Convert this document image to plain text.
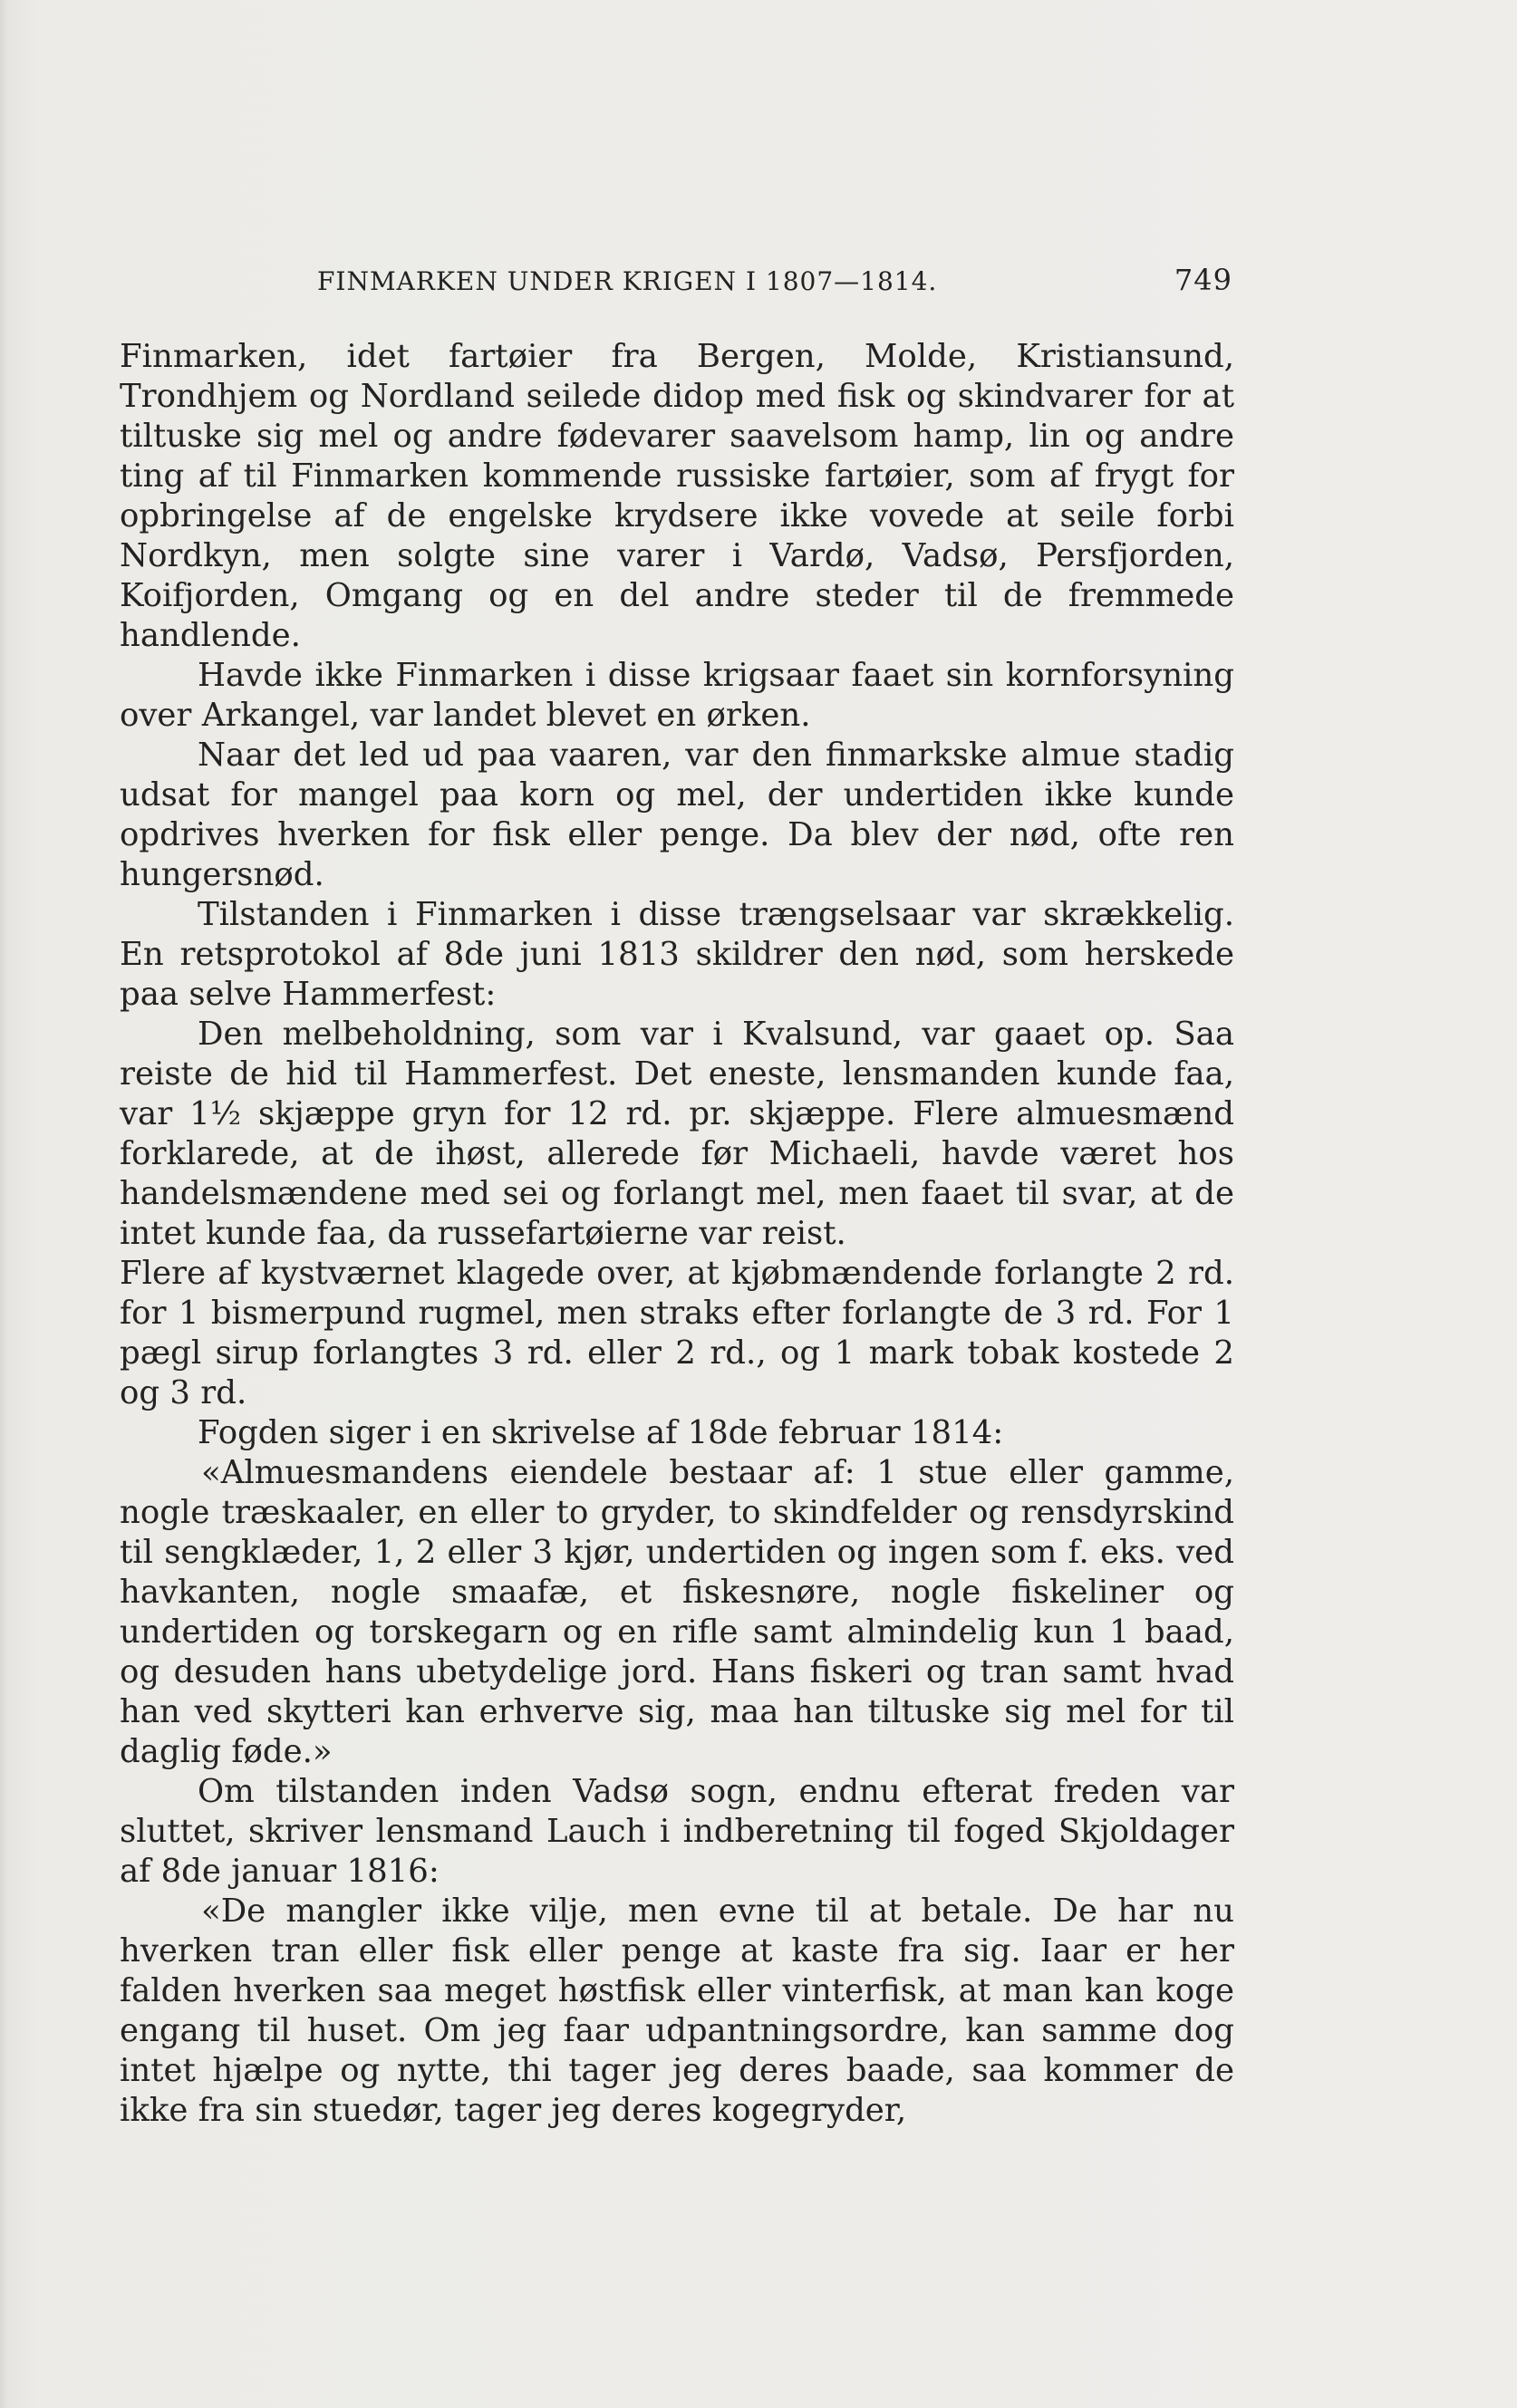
FINMARKEN UNDER KRIGEN I 1807—1814.	749

Finmarken, idet fartøier fra Bergen, Molde, Kristiansund, Trondhjem og Nordland seilede didop med fisk og skindvarer for at tiltuske sig mel og andre fødevarer saavelsom hamp, lin og andre ting af til Finmarken kommende russiske fartøier, som af frygt for opbringelse af de engelske krydsere ikke vovede at seile forbi Nordkyn, men solgte sine varer i Vardø, Vadsø, Persfjorden, Koifjorden, Omgang og en del andre steder til de fremmede handlende.

Havde ikke Finmarken i disse krigsaar faaet sin kornforsyning over Arkangel, var landet blevet en ørken.

Naar det led ud paa vaaren, var den finmarkske almue stadig udsat for mangel paa korn og mel, der undertiden ikke kunde opdrives hverken for fisk eller penge. Da blev der nød, ofte ren hungersnød.

Tilstanden i Finmarken i disse trængselsaar var skrækkelig. En retsprotokol af 8de juni 1813 skildrer den nød, som herskede paa selve Hammerfest:

Den melbeholdning, som var i Kvalsund, var gaaet op. Saa reiste de hid til Hammerfest. Det eneste, lensmanden kunde faa, var 1½ skjæppe gryn for 12 rd. pr. skjæppe. Flere almuesmænd forklarede, at de ihøst, allerede før Michaeli, havde været hos handelsmændene med sei og forlangt mel, men faaet til svar, at de intet kunde faa, da russefartøierne var reist.

Flere af kystværnet klagede over, at kjøbmændende forlangte 2 rd. for 1 bismerpund rugmel, men straks efter forlangte de 3 rd. For 1 pægl sirup forlangtes 3 rd. eller 2 rd., og 1 mark tobak kostede 2 og 3 rd.

Fogden siger i en skrivelse af 18de februar 1814:

«Almuesmandens eiendele bestaar af: 1 stue eller gamme, nogle træskaaler, en eller to gryder, to skindfelder og rensdyrskind til sengklæder, 1, 2 eller 3 kjør, undertiden og ingen som f. eks. ved havkanten, nogle smaafæ, et fiskesnøre, nogle fiskeliner og undertiden og torskegarn og en rifle samt almindelig kun 1 baad, og desuden hans ubetydelige jord. Hans fiskeri og tran samt hvad han ved skytteri kan erhverve sig, maa han tiltuske sig mel for til daglig føde.»

Om tilstanden inden Vadsø sogn, endnu efterat freden var sluttet, skriver lensmand Lauch i indberetning til foged Skjoldager af 8de januar 1816:

«De mangler ikke vilje, men evne til at betale. De har nu hverken tran eller fisk eller penge at kaste fra sig. Iaar er her falden hverken saa meget høstfisk eller vinterfisk, at man kan koge engang til huset. Om jeg faar udpantningsordre, kan samme dog intet hjælpe og nytte, thi tager jeg deres baade, saa kommer de ikke fra sin stuedør, tager jeg deres kogegryder,
